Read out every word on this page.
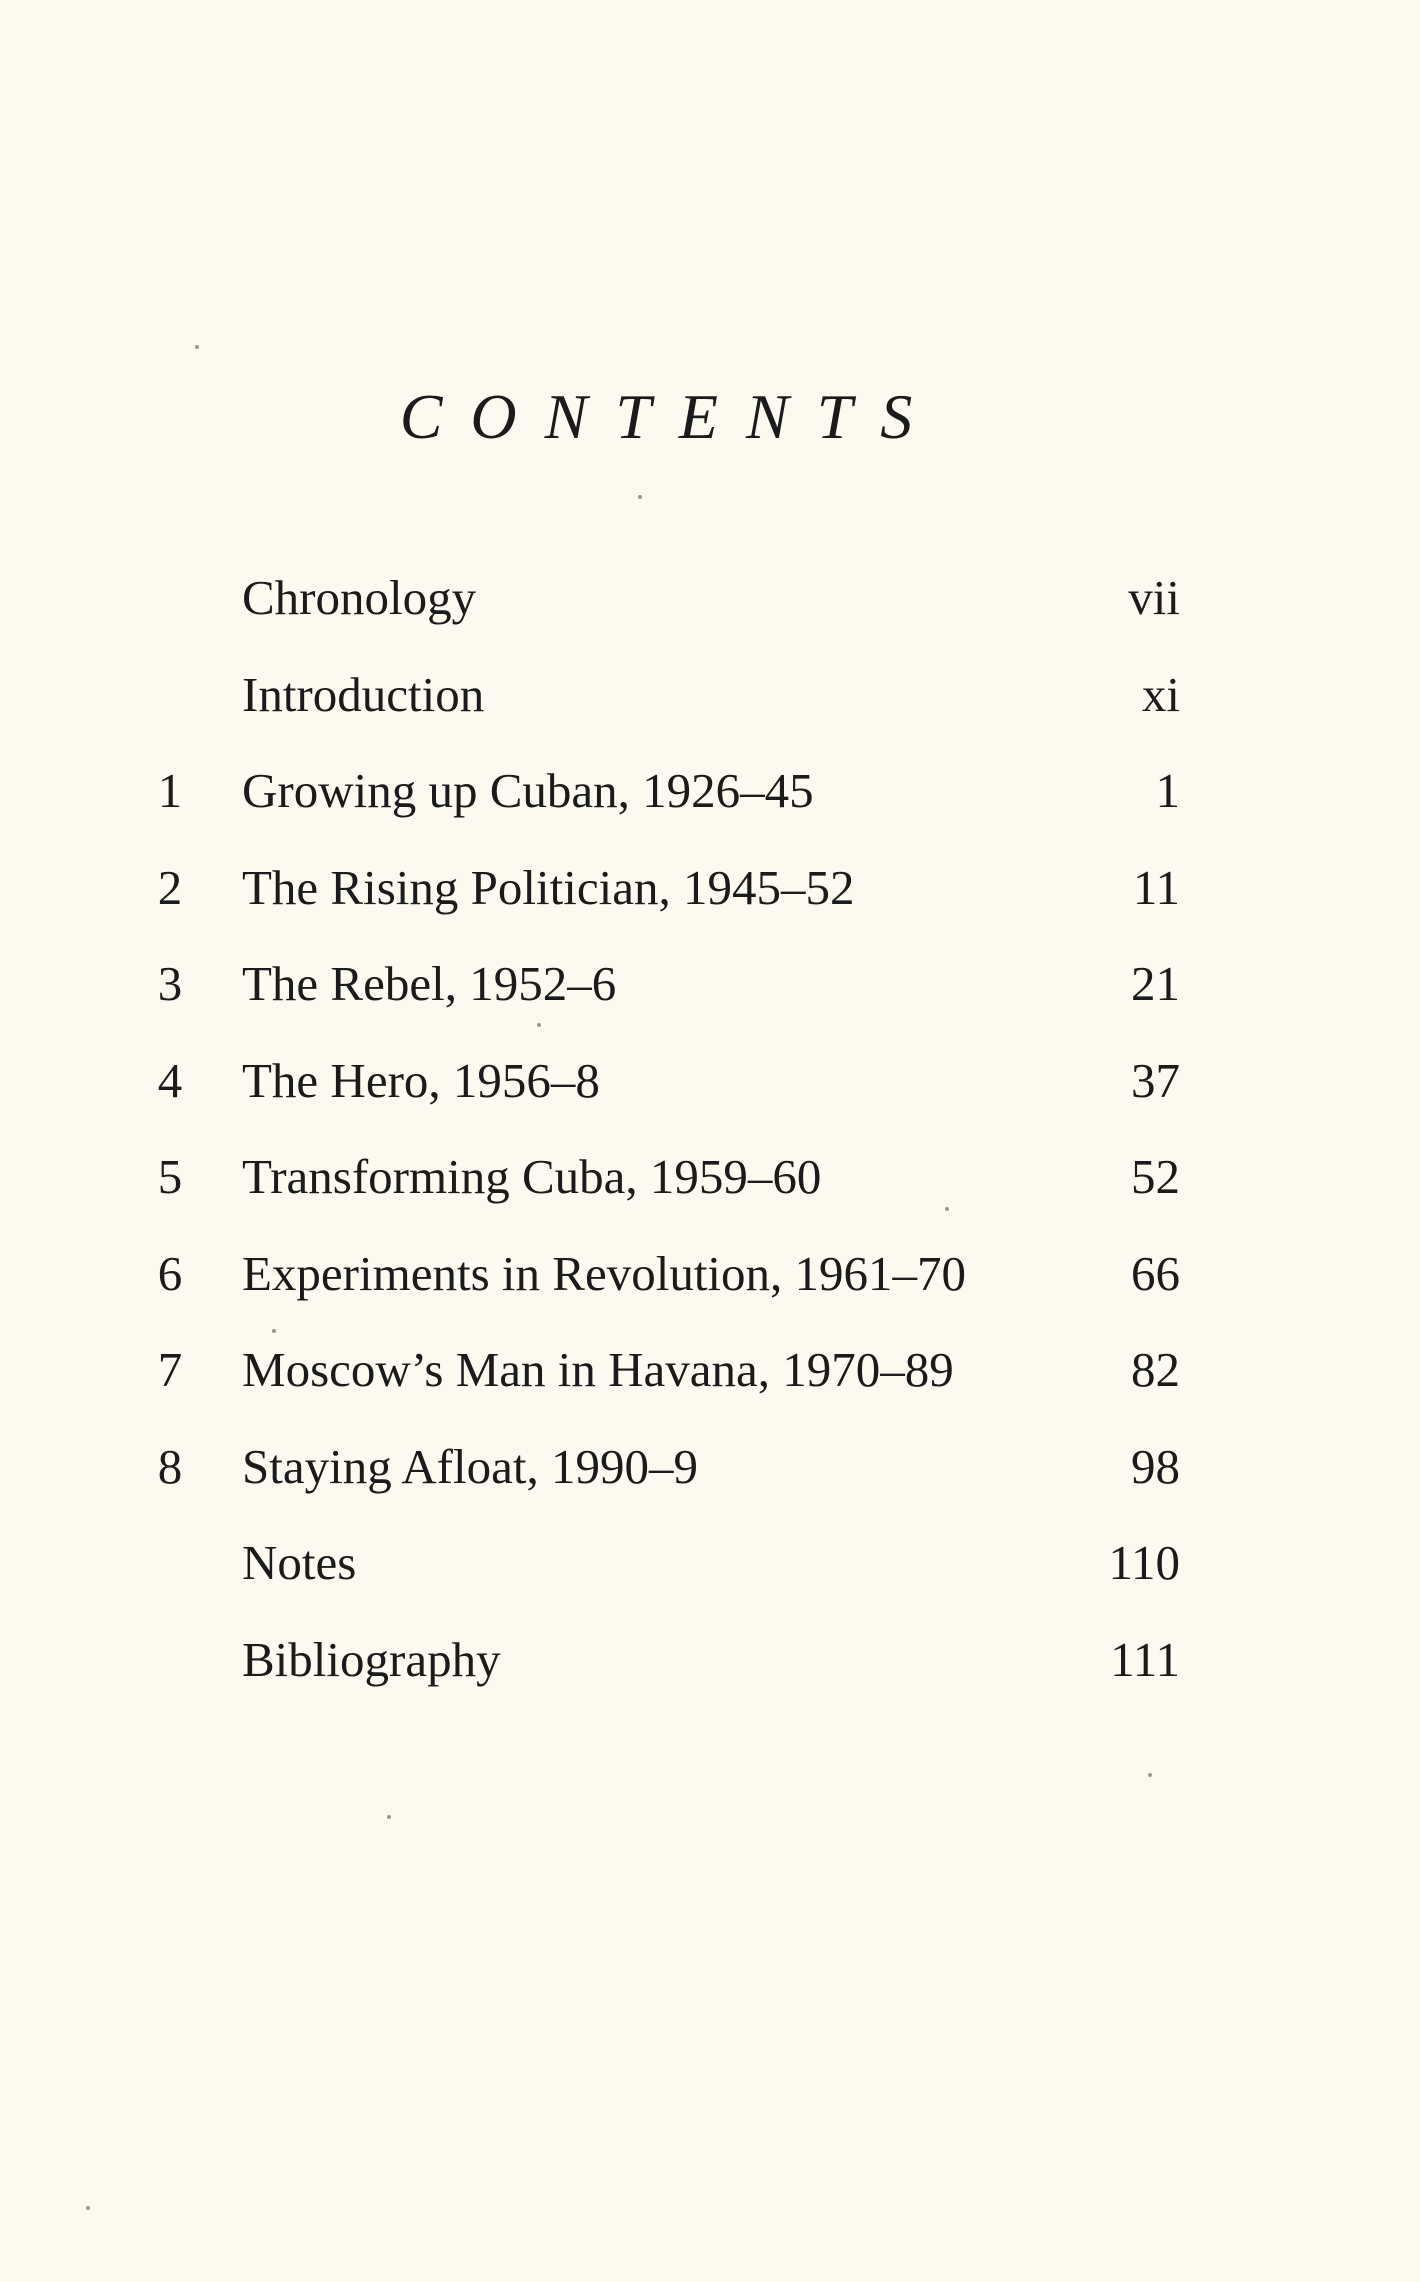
CONTENTS
Chronology	vii
Introduction	xi
1 Growing up Cuban, 1926–45	1
2 The Rising Politician, 1945–52	11
3 The Rebel, 1952–6	21
4 The Hero, 1956–8	37
5 Transforming Cuba, 1959–60	52
6 Experiments in Revolution, 1961–70	66
7 Moscow’s Man in Havana, 1970–89	82
8 Staying Afloat, 1990–9	98
Notes	110
Bibliography	111
